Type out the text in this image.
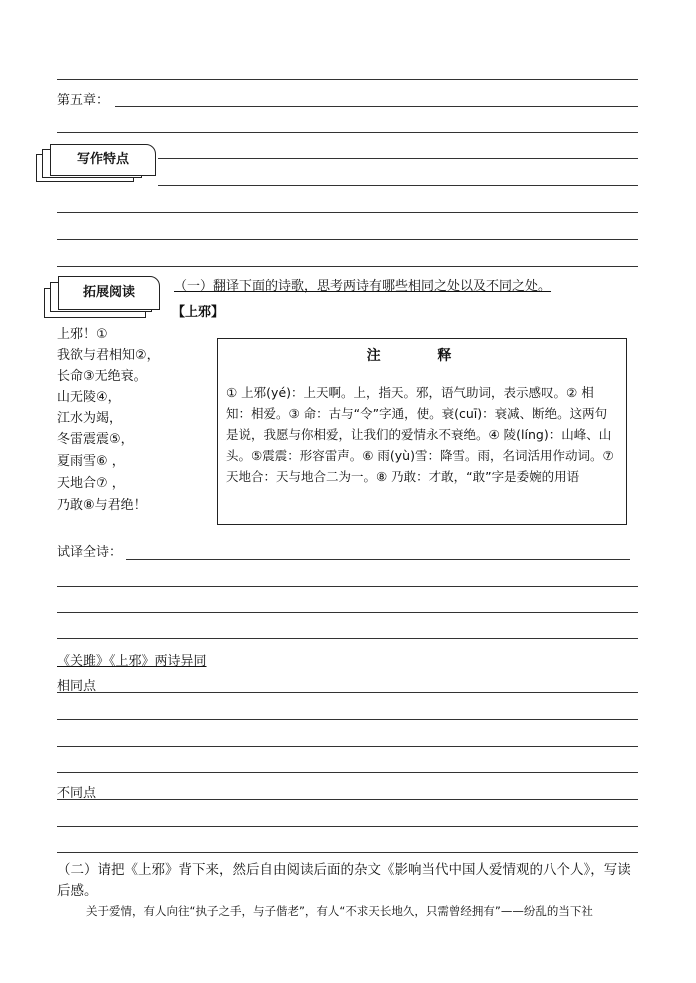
第五章：
写作特点
拓展阅读	（一）翻译下面的诗歌，思考两诗有哪些相同之处以及不同之处。
【上邪】
上邪！①
我欲与君相知②，
长命③无绝衰。
山无陵④，
江水为竭，
冬雷震震⑤，
夏雨雪⑥ ，
天地合⑦ ，
乃敢⑧与君绝！
注 释
① 上邪(yé)：上天啊。上，指天。邪，语气助词，表示感叹。② 相知：相爱。③ 命：古与“令”字通，使。衰(cuī)：衰减、断绝。这两句是说，我愿与你相爱，让我们的爱情永不衰绝。④ 陵(líng)：山峰、山头。⑤震震：形容雷声。⑥ 雨(yù)雪：降雪。雨，名词活用作动词。⑦ 天地合：天与地合二为一。⑧ 乃敢：才敢，“敢”字是委婉的用语
试译全诗：
《关雎》《上邪》两诗异同
相同点
不同点
（二）请把《上邪》背下来，然后自由阅读后面的杂文《影响当代中国人爱情观的八个人》，写读后感。
关于爱情，有人向往“执子之手，与子偕老”，有人“不求天长地久，只需曾经拥有”——纷乱的当下社
